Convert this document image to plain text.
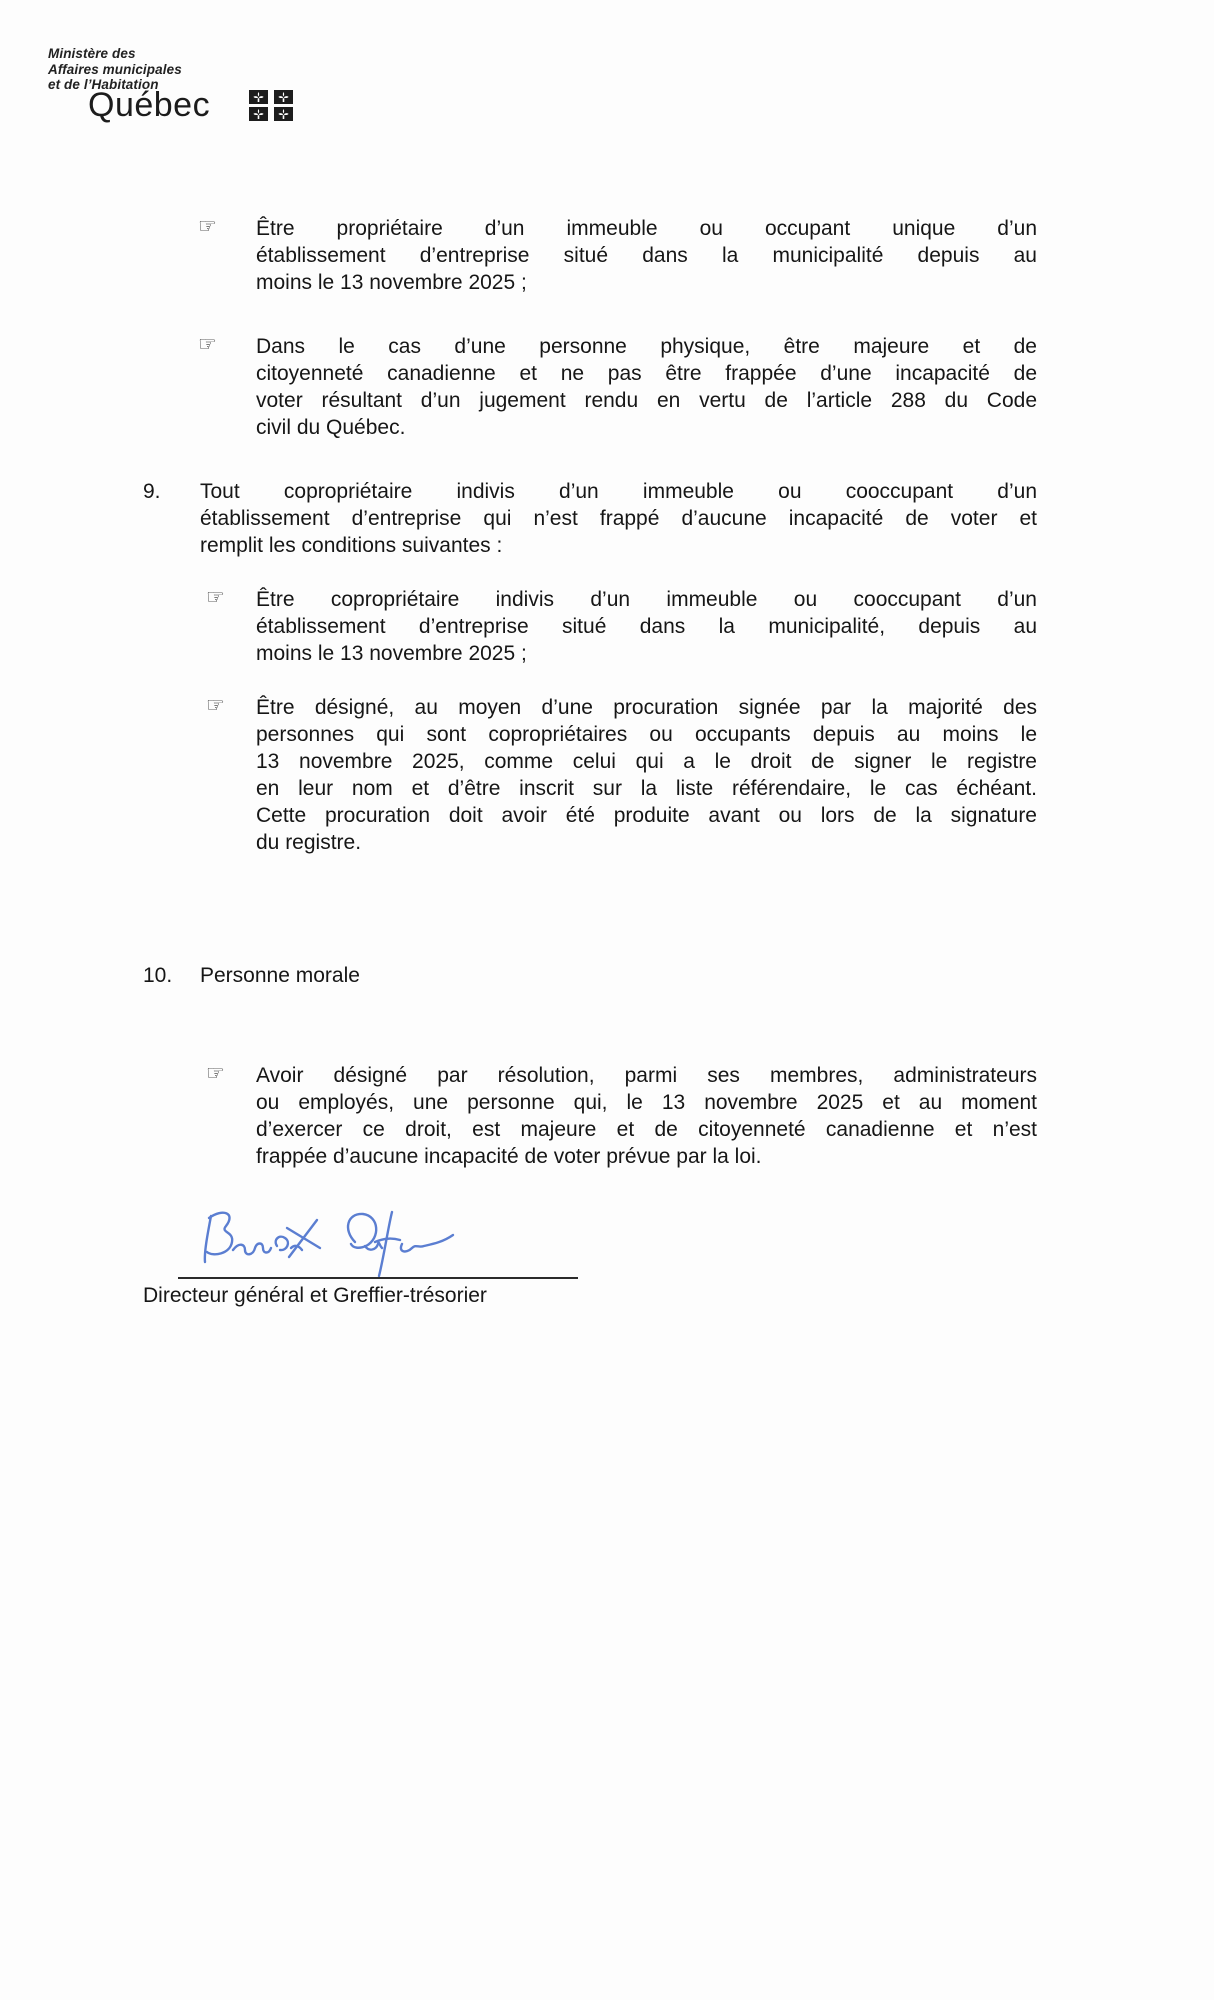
Ministère des
Affaires municipales
et de l’Habitation
Québec
☞ Être propriétaire d’un immeuble ou occupant unique d’un
établissement d’entreprise situé dans la municipalité depuis au
moins le 13 novembre 2025 ;
☞ Dans le cas d’une personne physique, être majeure et de
citoyenneté canadienne et ne pas être frappée d’une incapacité de
voter résultant d’un jugement rendu en vertu de l’article 288 du Code
civil du Québec.
9. Tout copropriétaire indivis d’un immeuble ou cooccupant d’un
établissement d’entreprise qui n’est frappé d’aucune incapacité de voter et
remplit les conditions suivantes :
☞ Être copropriétaire indivis d’un immeuble ou cooccupant d’un
établissement d’entreprise situé dans la municipalité, depuis au
moins le 13 novembre 2025 ;
☞ Être désigné, au moyen d’une procuration signée par la majorité des
personnes qui sont copropriétaires ou occupants depuis au moins le
13 novembre 2025, comme celui qui a le droit de signer le registre
en leur nom et d’être inscrit sur la liste référendaire, le cas échéant.
Cette procuration doit avoir été produite avant ou lors de la signature
du registre.
10. Personne morale
☞ Avoir désigné par résolution, parmi ses membres, administrateurs
ou employés, une personne qui, le 13 novembre 2025 et au moment
d’exercer ce droit, est majeure et de citoyenneté canadienne et n’est
frappée d’aucune incapacité de voter prévue par la loi.
Directeur général et Greffier-trésorier
